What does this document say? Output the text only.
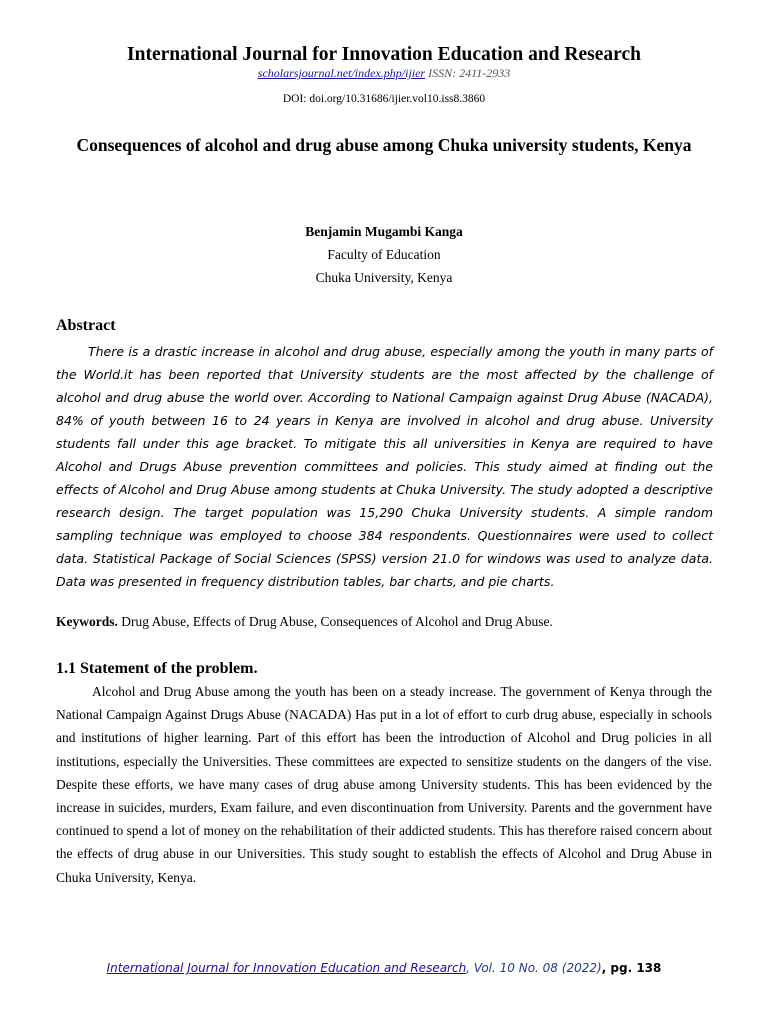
International Journal for Innovation Education and Research
scholarsjournal.net/index.php/ijier ISSN: 2411-2933
DOI: doi.org/10.31686/ijier.vol10.iss8.3860
Consequences of alcohol and drug abuse among Chuka university students, Kenya
Benjamin Mugambi Kanga
Faculty of Education
Chuka University, Kenya
Abstract
There is a drastic increase in alcohol and drug abuse, especially among the youth in many parts of the World.it has been reported that University students are the most affected by the challenge of alcohol and drug abuse the world over. According to National Campaign against Drug Abuse (NACADA), 84% of youth between 16 to 24 years in Kenya are involved in alcohol and drug abuse. University students fall under this age bracket. To mitigate this all universities in Kenya are required to have Alcohol and Drugs Abuse prevention committees and policies. This study aimed at finding out the effects of Alcohol and Drug Abuse among students at Chuka University. The study adopted a descriptive research design. The target population was 15,290 Chuka University students. A simple random sampling technique was employed to choose 384 respondents. Questionnaires were used to collect data. Statistical Package of Social Sciences (SPSS) version 21.0 for windows was used to analyze data. Data was presented in frequency distribution tables, bar charts, and pie charts.
Keywords. Drug Abuse, Effects of Drug Abuse, Consequences of Alcohol and Drug Abuse.
1.1 Statement of the problem.
Alcohol and Drug Abuse among the youth has been on a steady increase. The government of Kenya through the National Campaign Against Drugs Abuse (NACADA) Has put in a lot of effort to curb drug abuse, especially in schools and institutions of higher learning. Part of this effort has been the introduction of Alcohol and Drug policies in all institutions, especially the Universities. These committees are expected to sensitize students on the dangers of the vise. Despite these efforts, we have many cases of drug abuse among University students. This has been evidenced by the increase in suicides, murders, Exam failure, and even discontinuation from University. Parents and the government have continued to spend a lot of money on the rehabilitation of their addicted students. This has therefore raised concern about the effects of drug abuse in our Universities. This study sought to establish the effects of Alcohol and Drug Abuse in Chuka University, Kenya.
International Journal for Innovation Education and Research, Vol. 10 No. 08 (2022), pg. 138
